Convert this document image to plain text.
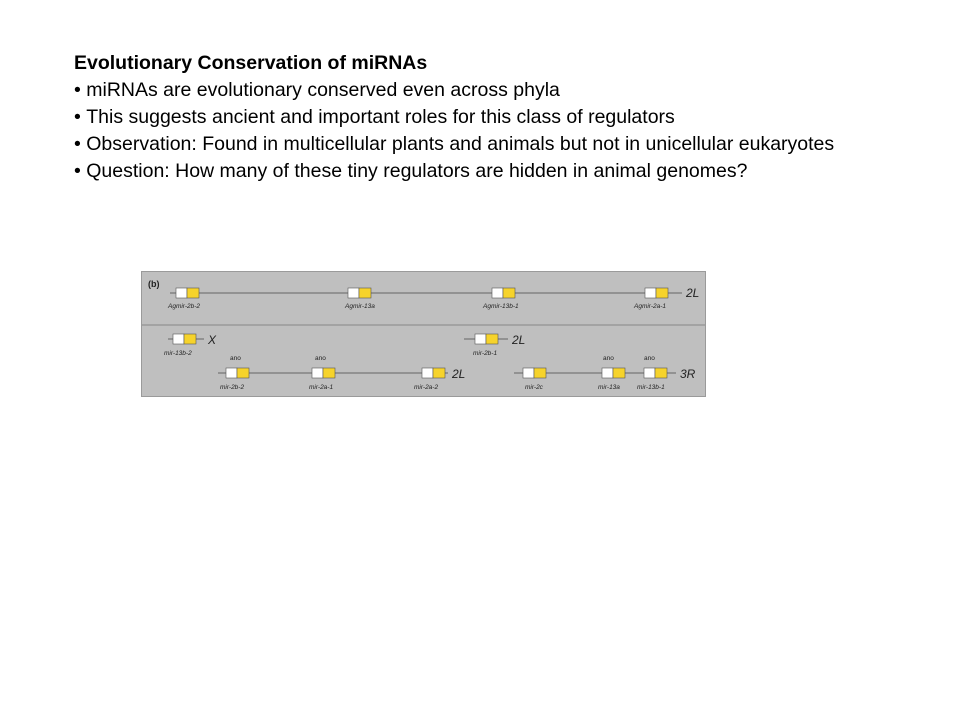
Evolutionary Conservation of miRNAs

• miRNAs are evolutionary conserved even across phyla

• This suggests ancient and important roles for this class of regulators

• Observation: Found in multicellular plants and animals but not in unicellular eukaryotes

• Question: How many of these tiny regulators are hidden in animal genomes?

(b)
2L
Agmir-2b-2	Agmir-13a	Agmir-13b-1	Agmir-2a-1
X
mir-13b-2
2L
mir-2b-1
ano	ano
mir-2b-2	mir-2a-1	mir-2a-2
2L
ano	ano
mir-2c	mir-13a	mir-13b-1
3R
